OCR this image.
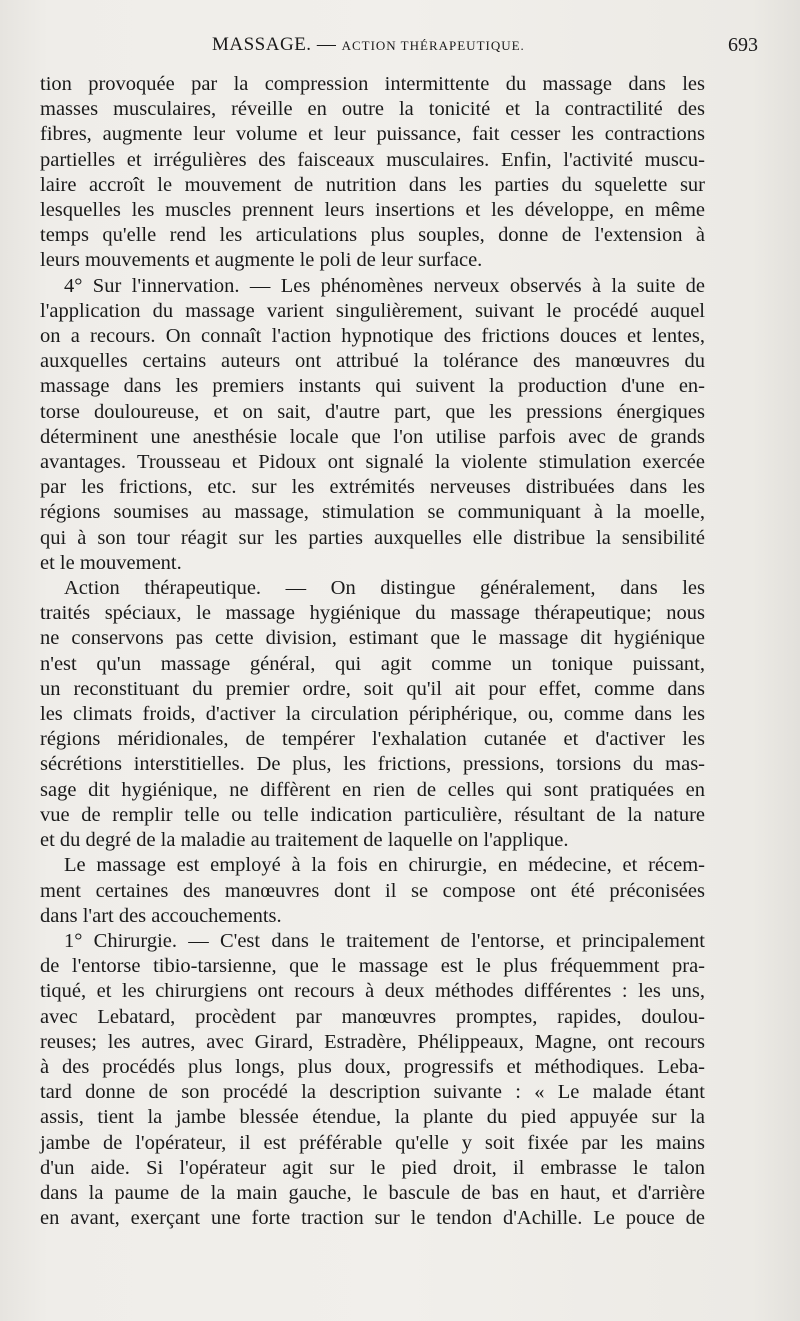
MASSAGE. — ACTION THÉRAPEUTIQUE.	693
tion provoquée par la compression intermittente du massage dans les
masses musculaires, réveille en outre la tonicité et la contractilité des
fibres, augmente leur volume et leur puissance, fait cesser les contractions
partielles et irrégulières des faisceaux musculaires. Enfin, l'activité muscu-
laire accroît le mouvement de nutrition dans les parties du squelette sur
lesquelles les muscles prennent leurs insertions et les développe, en même
temps qu'elle rend les articulations plus souples, donne de l'extension à
leurs mouvements et augmente le poli de leur surface.
4° Sur l'innervation. — Les phénomènes nerveux observés à la suite de
l'application du massage varient singulièrement, suivant le procédé auquel
on a recours. On connaît l'action hypnotique des frictions douces et lentes,
auxquelles certains auteurs ont attribué la tolérance des manœuvres du
massage dans les premiers instants qui suivent la production d'une en-
torse douloureuse, et on sait, d'autre part, que les pressions énergiques
déterminent une anesthésie locale que l'on utilise parfois avec de grands
avantages. Trousseau et Pidoux ont signalé la violente stimulation exercée
par les frictions, etc. sur les extrémités nerveuses distribuées dans les
régions soumises au massage, stimulation se communiquant à la moelle,
qui à son tour réagit sur les parties auxquelles elle distribue la sensibilité
et le mouvement.
Action thérapeutique. — On distingue généralement, dans les
traités spéciaux, le massage hygiénique du massage thérapeutique; nous
ne conservons pas cette division, estimant que le massage dit hygiénique
n'est qu'un massage général, qui agit comme un tonique puissant,
un reconstituant du premier ordre, soit qu'il ait pour effet, comme dans
les climats froids, d'activer la circulation périphérique, ou, comme dans les
régions méridionales, de tempérer l'exhalation cutanée et d'activer les
sécrétions interstitielles. De plus, les frictions, pressions, torsions du mas-
sage dit hygiénique, ne diffèrent en rien de celles qui sont pratiquées en
vue de remplir telle ou telle indication particulière, résultant de la nature
et du degré de la maladie au traitement de laquelle on l'applique.
Le massage est employé à la fois en chirurgie, en médecine, et récem-
ment certaines des manœuvres dont il se compose ont été préconisées
dans l'art des accouchements.
1° Chirurgie. — C'est dans le traitement de l'entorse, et principalement
de l'entorse tibio-tarsienne, que le massage est le plus fréquemment pra-
tiqué, et les chirurgiens ont recours à deux méthodes différentes : les uns,
avec Lebatard, procèdent par manœuvres promptes, rapides, doulou-
reuses; les autres, avec Girard, Estradère, Phélippeaux, Magne, ont recours
à des procédés plus longs, plus doux, progressifs et méthodiques. Leba-
tard donne de son procédé la description suivante : « Le malade étant
assis, tient la jambe blessée étendue, la plante du pied appuyée sur la
jambe de l'opérateur, il est préférable qu'elle y soit fixée par les mains
d'un aide. Si l'opérateur agit sur le pied droit, il embrasse le talon
dans la paume de la main gauche, le bascule de bas en haut, et d'arrière
en avant, exerçant une forte traction sur le tendon d'Achille. Le pouce de
